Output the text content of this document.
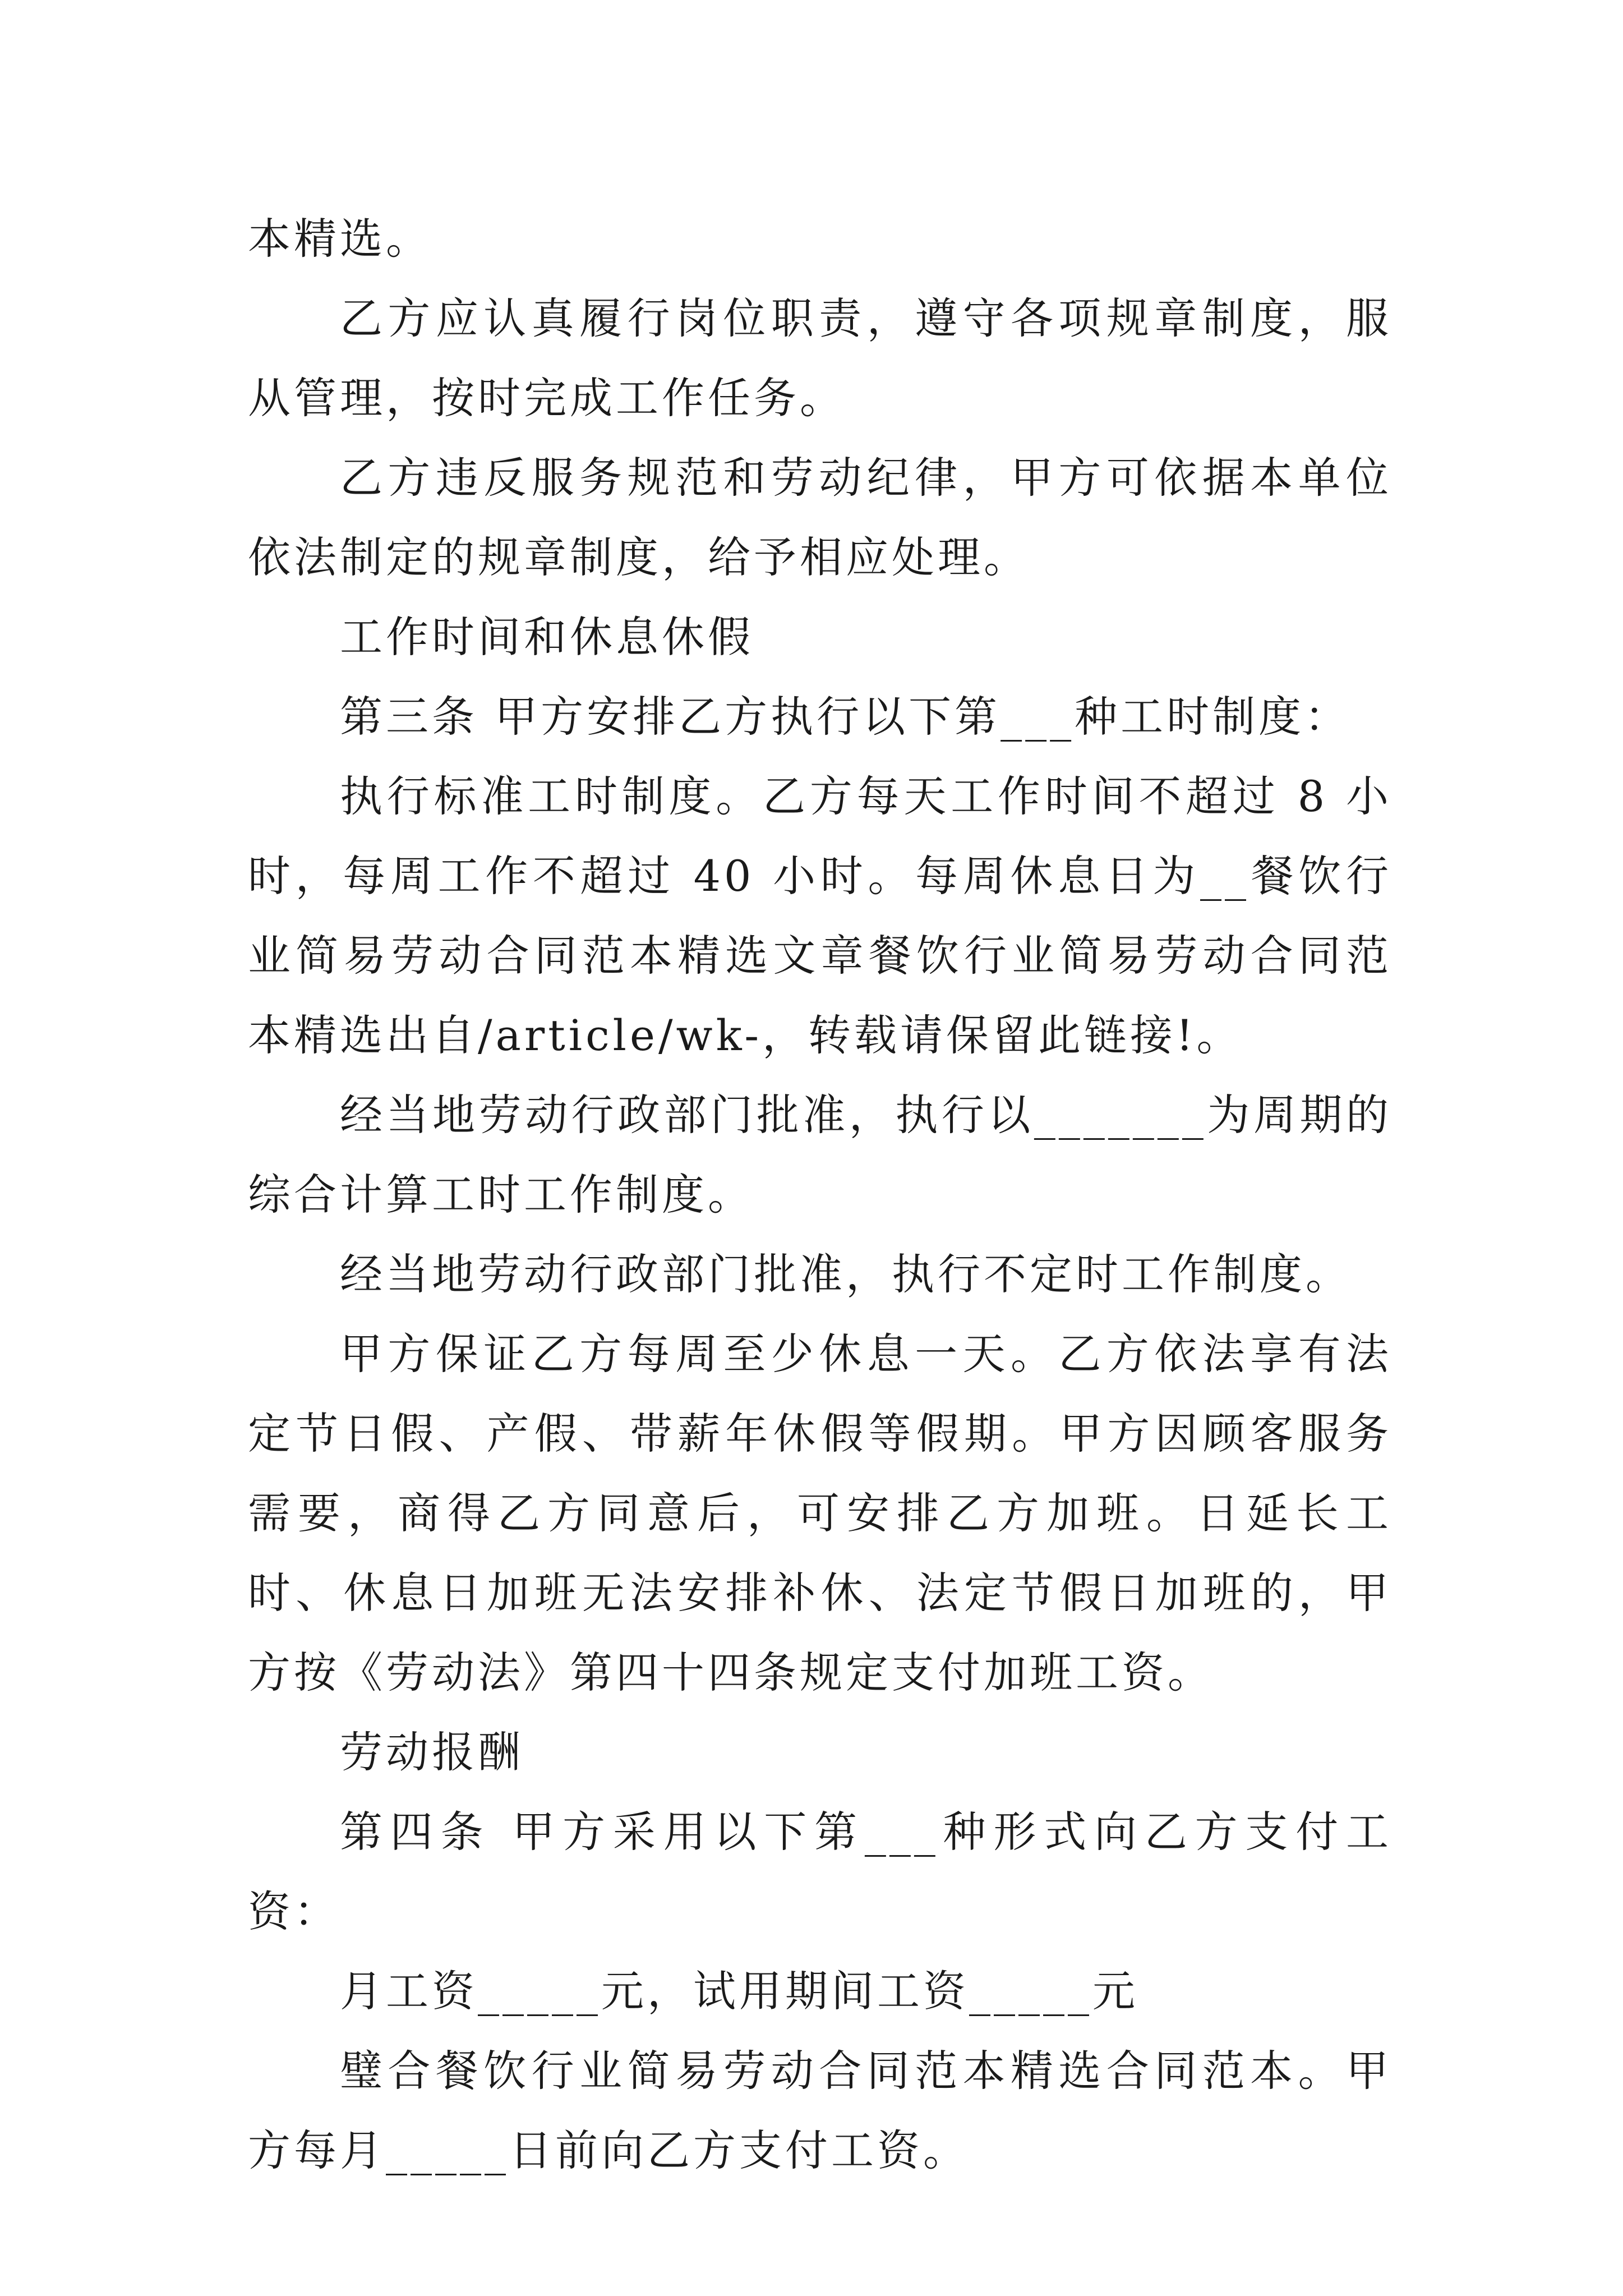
本精选。

乙方应认真履行岗位职责，遵守各项规章制度，服从管理，按时完成工作任务。

乙方违反服务规范和劳动纪律，甲方可依据本单位依法制定的规章制度，给予相应处理。

工作时间和休息休假

第三条 甲方安排乙方执行以下第___种工时制度：

执行标准工时制度。乙方每天工作时间不超过 8 小时，每周工作不超过 40 小时。每周休息日为__餐饮行业简易劳动合同范本精选文章餐饮行业简易劳动合同范本精选出自/article/wk-，转载请保留此链接!。

经当地劳动行政部门批准，执行以_______为周期的综合计算工时工作制度。

经当地劳动行政部门批准，执行不定时工作制度。

甲方保证乙方每周至少休息一天。乙方依法享有法定节日假、产假、带薪年休假等假期。甲方因顾客服务需要，商得乙方同意后，可安排乙方加班。日延长工时、休息日加班无法安排补休、法定节假日加班的，甲方按《劳动法》第四十四条规定支付加班工资。

劳动报酬

第四条 甲方采用以下第___种形式向乙方支付工资：

月工资_____元，试用期间工资_____元

璧合餐饮行业简易劳动合同范本精选合同范本。甲方每月_____日前向乙方支付工资。
